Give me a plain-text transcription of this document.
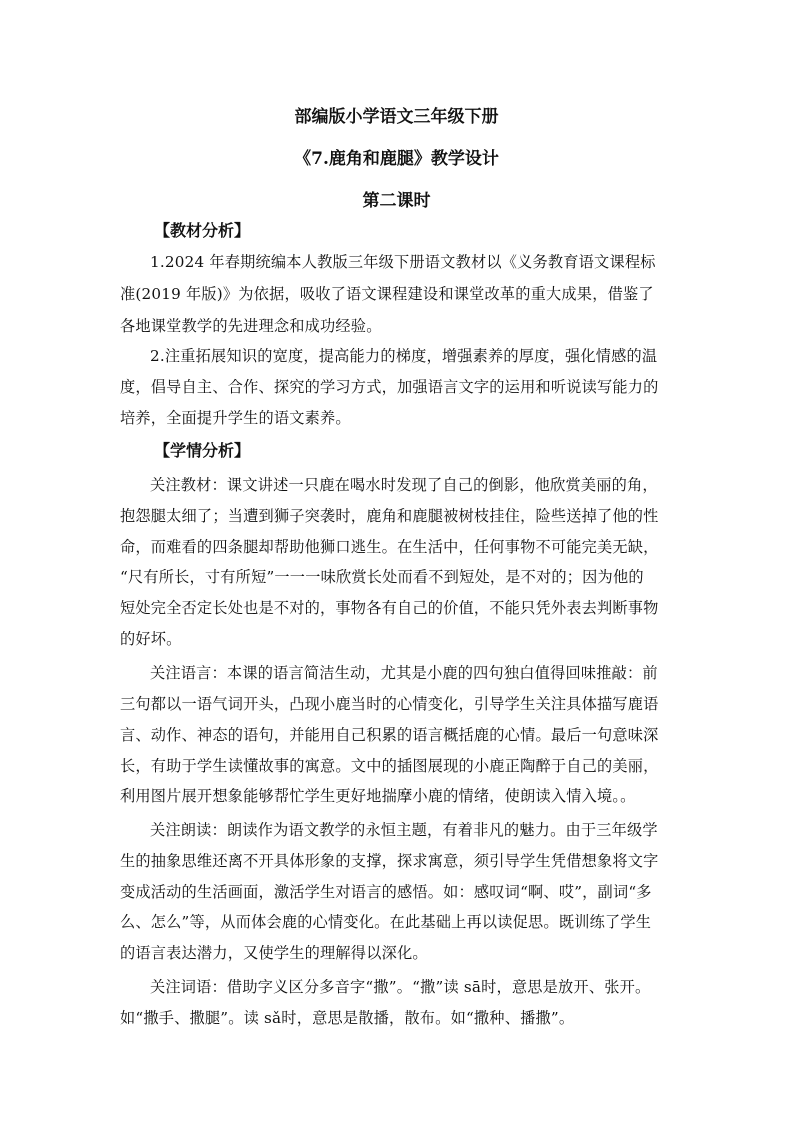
部编版小学语文三年级下册
《7.鹿角和鹿腿》教学设计
第二课时
【教材分析】
1.2024 年春期统编本人教版三年级下册语文教材以《义务教育语文课程标
准(2019 年版)》为依据，吸收了语文课程建设和课堂改革的重大成果，借鉴了
各地课堂教学的先进理念和成功经验。
2.注重拓展知识的宽度，提高能力的梯度，增强素养的厚度，强化情感的温
度，倡导自主、合作、探究的学习方式，加强语言文字的运用和听说读写能力的
培养，全面提升学生的语文素养。
【学情分析】
关注教材：课文讲述一只鹿在喝水时发现了自己的倒影，他欣赏美丽的角，
抱怨腿太细了；当遭到狮子突袭时，鹿角和鹿腿被树枝挂住，险些送掉了他的性
命，而难看的四条腿却帮助他狮口逃生。在生活中，任何事物不可能完美无缺，
“尺有所长，寸有所短”一一一味欣赏长处而看不到短处，是不对的；因为他的
短处完全否定长处也是不对的，事物各有自己的价值，不能只凭外表去判断事物
的好坏。
关注语言：本课的语言简洁生动，尤其是小鹿的四句独白值得回味推敲：前
三句都以一语气词开头，凸现小鹿当时的心情变化，引导学生关注具体描写鹿语
言、动作、神态的语句，并能用自己积累的语言概括鹿的心情。最后一句意味深
长，有助于学生读懂故事的寓意。文中的插图展现的小鹿正陶醉于自己的美丽，
利用图片展开想象能够帮忙学生更好地揣摩小鹿的情绪，使朗读入情入境。。
关注朗读：朗读作为语文教学的永恒主题，有着非凡的魅力。由于三年级学
生的抽象思维还离不开具体形象的支撑，探求寓意，须引导学生凭借想象将文字
变成活动的生活画面，激活学生对语言的感悟。如：感叹词“啊、哎”，副词“多
么、怎么”等，从而体会鹿的心情变化。在此基础上再以读促思。既训练了学生
的语言表达潜力，又使学生的理解得以深化。
关注词语：借助字义区分多音字“撒”。“撒”读 sā时，意思是放开、张开。
如“撒手、撒腿”。读 sǎ时，意思是散播，散布。如“撒种、播撒”。
